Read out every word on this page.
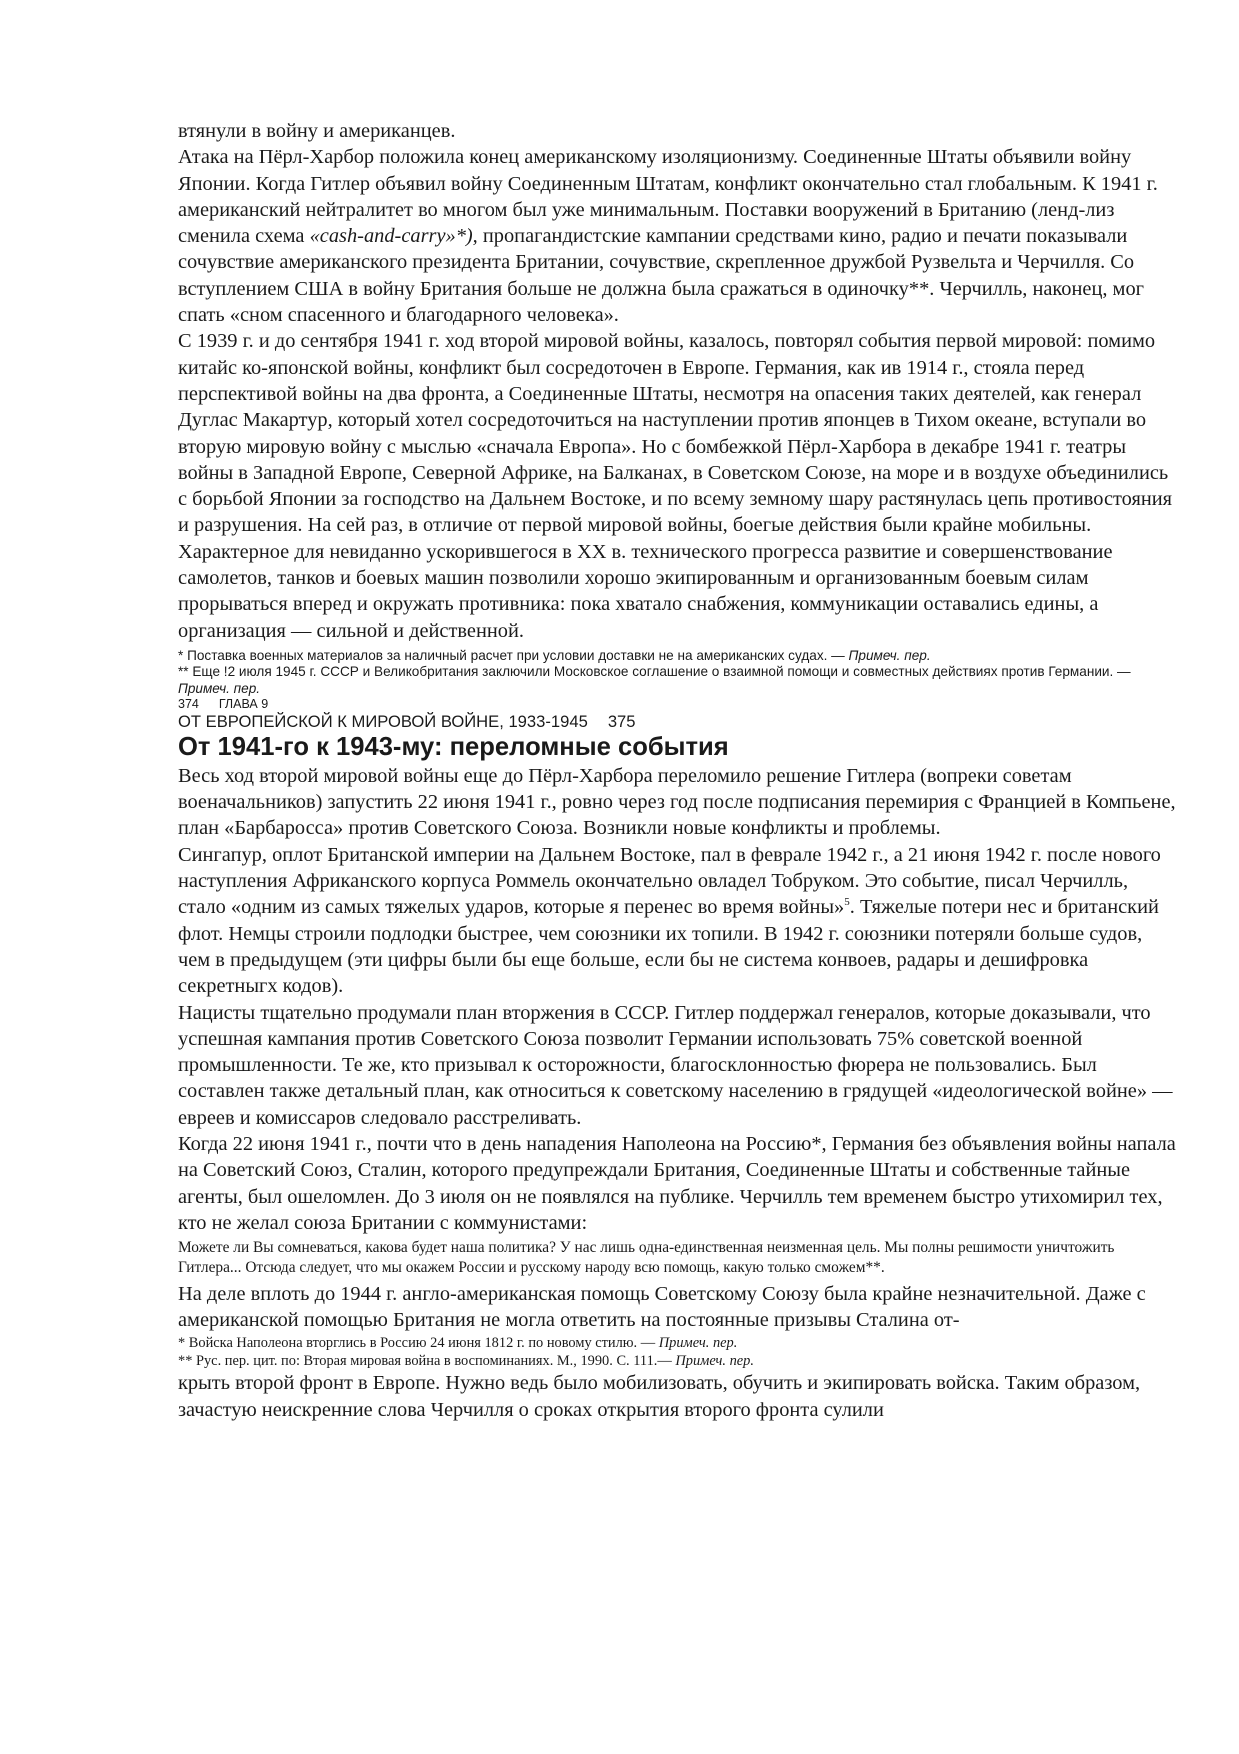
втянули в войну и американцев.

Атака на Пёрл-Харбор положила конец американскому изоляционизму. Соединенные Штаты объявили войну Японии. Когда Гитлер объявил войну Соединенным Штатам, конфликт окончательно стал глобальным. К 1941 г. американский нейтралитет во многом был уже минимальным. Поставки вооружений в Британию (ленд-лиз сменила схема «cash-and-carry»*), пропагандистские кампании средствами кино, радио и печати показывали сочувствие американского президента Британии, сочувствие, скрепленное дружбой Рузвельта и Черчилля. Со вступлением США в войну Британия больше не должна была сражаться в одиночку**. Черчилль, наконец, мог спать «сном спасенного и благодарного человека».

С 1939 г. и до сентября 1941 г. ход второй мировой войны, казалось, повторял события первой мировой: помимо китайс ко-японской войны, конфликт был сосредоточен в Европе. Германия, как ив 1914 г., стояла перед перспективой войны на два фронта, а Соединенные Штаты, несмотря на опасения таких деятелей, как генерал Дуглас Макартур, который хотел сосредоточиться на наступлении против японцев в Тихом океане, вступали во вторую мировую войну с мыслью «сначала Европа». Но с бомбежкой Пёрл-Харбора в декабре 1941 г. театры войны в Западной Европе, Северной Африке, на Балканах, в Советском Союзе, на море и в воздухе объединились с борьбой Японии за господство на Дальнем Востоке, и по всему земному шару растянулась цепь противостояния и разрушения. На сей раз, в отличие от первой мировой войны, боегые действия были крайне мобильны. Характерное для невиданно ускорившегося в XX в. технического прогресса развитие и совершенствование самолетов, танков и боевых машин позволили хорошо экипированным и организованным боевым силам прорываться вперед и окружать противника: пока хватало снабжения, коммуникации оставались едины, а организация — сильной и действенной.

* Поставка военных материалов за наличный расчет при условии доставки не на американских судах. — Примеч. пер.

** Еще !2 июля 1945 г. СССР и Великобритания заключили Московское соглашение о взаимной помощи и совместных действиях против Германии. — Примеч. пер.

374 ГЛАВА 9

ОТ ЕВРОПЕЙСКОЙ К МИРОВОЙ ВОЙНЕ, 1933-1945 375

От 1941-го к 1943-му: переломные события

Весь ход второй мировой войны еще до Пёрл-Харбора переломило решение Гитлера (вопреки советам военачальников) запустить 22 июня 1941 г., ровно через год после подписания перемирия с Францией в Компьене, план «Барбаросса» против Советского Союза. Возникли новые конфликты и проблемы.

Сингапур, оплот Британской империи на Дальнем Востоке, пал в феврале 1942 г., а 21 июня 1942 г. после нового наступления Африканского корпуса Роммель окончательно овладел Тобруком. Это событие, писал Черчилль, стало «одним из самых тяжелых ударов, которые я перенес во время войны»$^5$. Тяжелые потери нес и британский флот. Немцы строили подлодки быстрее, чем союзники их топили. В 1942 г. союзники потеряли больше судов, чем в предыдущем (эти цифры были бы еще больше, если бы не система конвоев, радары и дешифровка секретныгх кодов).

Нацисты тщательно продумали план вторжения в СССР. Гитлер поддержал генералов, которые доказывали, что успешная кампания против Советского Союза позволит Германии использовать 75% советской военной промышленности. Те же, кто призывал к осторожности, благосклонностью фюрера не пользовались. Был составлен также детальный план, как относиться к советскому населению в грядущей «идеологической войне» — евреев и комиссаров следовало расстреливать.

Когда 22 июня 1941 г., почти что в день нападения Наполеона на Россию*, Германия без объявления войны напала на Советский Союз, Сталин, которого предупреждали Британия, Соединенные Штаты и собственные тайные агенты, был ошеломлен. До 3 июля он не появлялся на публике. Черчилль тем временем быстро утихомирил тех, кто не желал союза Британии с коммунистами:

Можете ли Вы сомневаться, какова будет наша политика? У нас лишь одна-единственная неизменная цель. Мы полны решимости уничтожить Гитлера... Отсюда следует, что мы окажем России и русскому народу всю помощь, какую только сможем**.

На деле вплоть до 1944 г. англо-американская помощь Советскому Союзу была крайне незначительной. Даже с американской помощью Британия не могла ответить на постоянные призывы Сталина от-

* Войска Наполеона вторглись в Россию 24 июня 1812 г. по новому стилю. — Примеч. пер.

** Рус. пер. цит. по: Вторая мировая война в воспоминаниях. М., 1990. С. 111.— Примеч. пер.

крыть второй фронт в Европе. Нужно ведь было мобилизовать, обучить и экипировать войска. Таким образом, зачастую неискренние слова Черчилля о сроках открытия второго фронта сулили
